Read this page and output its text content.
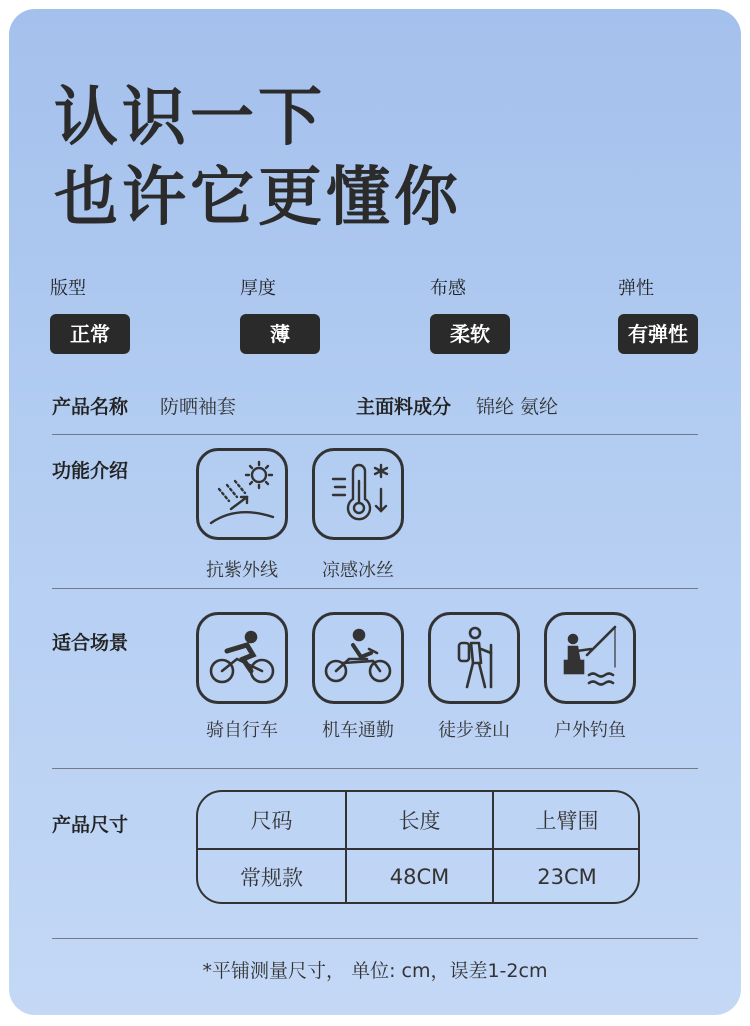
认识一下
也许它更懂你
版型
正常
厚度
薄
布感
柔软
弹性
有弹性
产品名称 防晒袖套	主面料成分 锦纶 氨纶
功能介绍
抗紫外线	凉感冰丝
适合场景
骑自行车	机车通勤	徒步登山	户外钓鱼
产品尺寸	尺码	长度	上臂围
常规款	48CM	23CM
*平铺测量尺寸， 单位: cm，误差1-2cm
